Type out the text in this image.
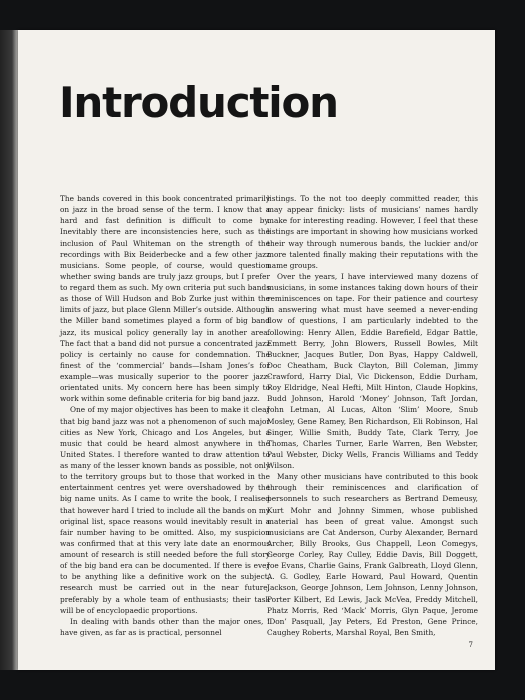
Introduction

The bands covered in this book concentrated primarily on jazz in the broad sense of the term. I know that a hard and fast definition is difficult to come by. Inevitably there are inconsistencies here, such as the inclusion of Paul Whiteman on the strength of the recordings with Bix Beiderbecke and a few other jazz musicians. Some people, of course, would question whether swing bands are truly jazz groups, but I prefer to regard them as such. My own criteria put such bands as those of Will Hudson and Bob Zurke just within the limits of jazz, but place Glenn Miller’s outside. Although the Miller band sometimes played a form of big band jazz, its musical policy generally lay in another area. The fact that a band did not pursue a concentrated jazz policy is certainly no cause for condemnation. The finest of the ‘commercial’ bands—Isham Jones’s for example—was musically superior to the poorer jazz-orientated units. My concern here has been simply to work within some definable criteria for big band jazz.

One of my major objectives has been to make it clear that big band jazz was not a phenomenon of such major cities as New York, Chicago and Los Angeles, but a music that could be heard almost anywhere in the United States. I therefore wanted to draw attention to as many of the lesser known bands as possible, not only to the territory groups but to those that worked in the entertainment centres yet were overshadowed by the big name units. As I came to write the book, I realised that however hard I tried to include all the bands on my original list, space reasons would inevitably result in a fair number having to be omitted. Also, my suspicion was confirmed that at this very late date an enormous amount of research is still needed before the full story of the big band era can be documented. If there is ever to be anything like a definitive work on the subject, research must be carried out in the near future, preferably by a whole team of enthusiasts; their task will be of encyclopaedic proportions.

In dealing with bands other than the major ones, I have given, as far as is practical, personnel

listings. To the not too deeply committed reader, this may appear finicky: lists of musicians’ names hardly make for interesting reading. However, I feel that these listings are important in showing how musicians worked their way through numerous bands, the luckier and/or more talented finally making their reputations with the name groups.

Over the years, I have interviewed many dozens of musicians, in some instances taking down hours of their reminiscences on tape. For their patience and courtesy in answering what must have seemed a never-ending flow of questions, I am particularly indebted to the following: Henry Allen, Eddie Barefield, Edgar Battle, Emmett Berry, John Blowers, Russell Bowles, Milt Buckner, Jacques Butler, Don Byas, Happy Caldwell, Doc Cheatham, Buck Clayton, Bill Coleman, Jimmy Crawford, Harry Dial, Vic Dickenson, Eddie Durham, Roy Eldridge, Neal Hefti, Milt Hinton, Claude Hopkins, Budd Johnson, Harold ‘Money’ Johnson, Taft Jordan, John Letman, Al Lucas, Alton ‘Slim’ Moore, Snub Mosley, Gene Ramey, Ben Richardson, Eli Robinson, Hal Singer, Willie Smith, Buddy Tate, Clark Terry, Joe Thomas, Charles Turner, Earle Warren, Ben Webster, Paul Webster, Dicky Wells, Francis Williams and Teddy Wilson.

Many other musicians have contributed to this book through their reminiscences and clarification of personnels to such researchers as Bertrand Demeusy, Kurt Mohr and Johnny Simmen, whose published material has been of great value. Amongst such musicians are Cat Anderson, Curby Alexander, Bernard Archer, Billy Brooks, Gus Chappell, Leon Comegys, George Corley, Ray Culley, Eddie Davis, Bill Doggett, Joe Evans, Charlie Gains, Frank Galbreath, Lloyd Glenn, A. G. Godley, Earle Howard, Paul Howard, Quentin Jackson, George Johnson, Lem Johnson, Lenny Johnson, Porter Kilbert, Ed Lewis, Jack McVea, Freddy Mitchell, Phatz Morris, Red ‘Mack’ Morris, Glyn Paque, Jerome ‘Don’ Pasquall, Jay Peters, Ed Preston, Gene Prince, Caughey Roberts, Marshal Royal, Ben Smith,

7
